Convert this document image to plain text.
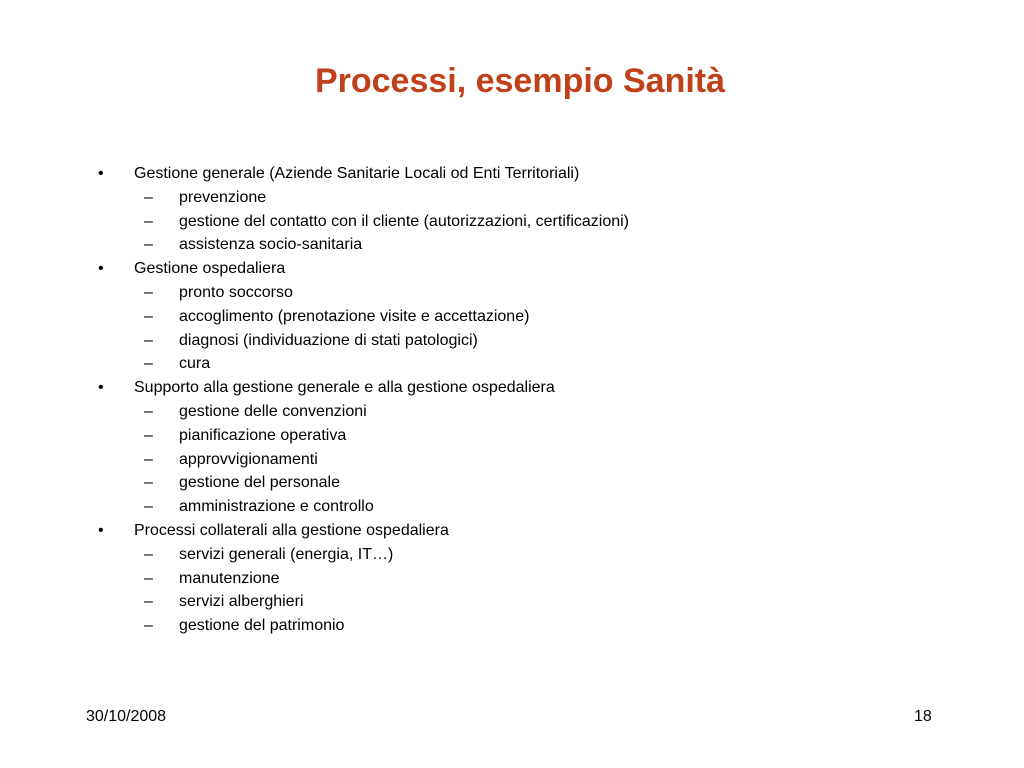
Processi, esempio Sanità
• Gestione generale (Aziende Sanitarie Locali od Enti Territoriali)
– prevenzione
– gestione del contatto con il cliente (autorizzazioni, certificazioni)
– assistenza socio-sanitaria
• Gestione ospedaliera
– pronto soccorso
– accoglimento (prenotazione visite e accettazione)
– diagnosi (individuazione di stati patologici)
– cura
• Supporto alla gestione generale e alla gestione ospedaliera
– gestione delle convenzioni
– pianificazione operativa
– approvvigionamenti
– gestione del personale
– amministrazione e controllo
• Processi collaterali alla gestione ospedaliera
– servizi generali (energia, IT…)
– manutenzione
– servizi alberghieri
– gestione del patrimonio
30/10/2008	18
